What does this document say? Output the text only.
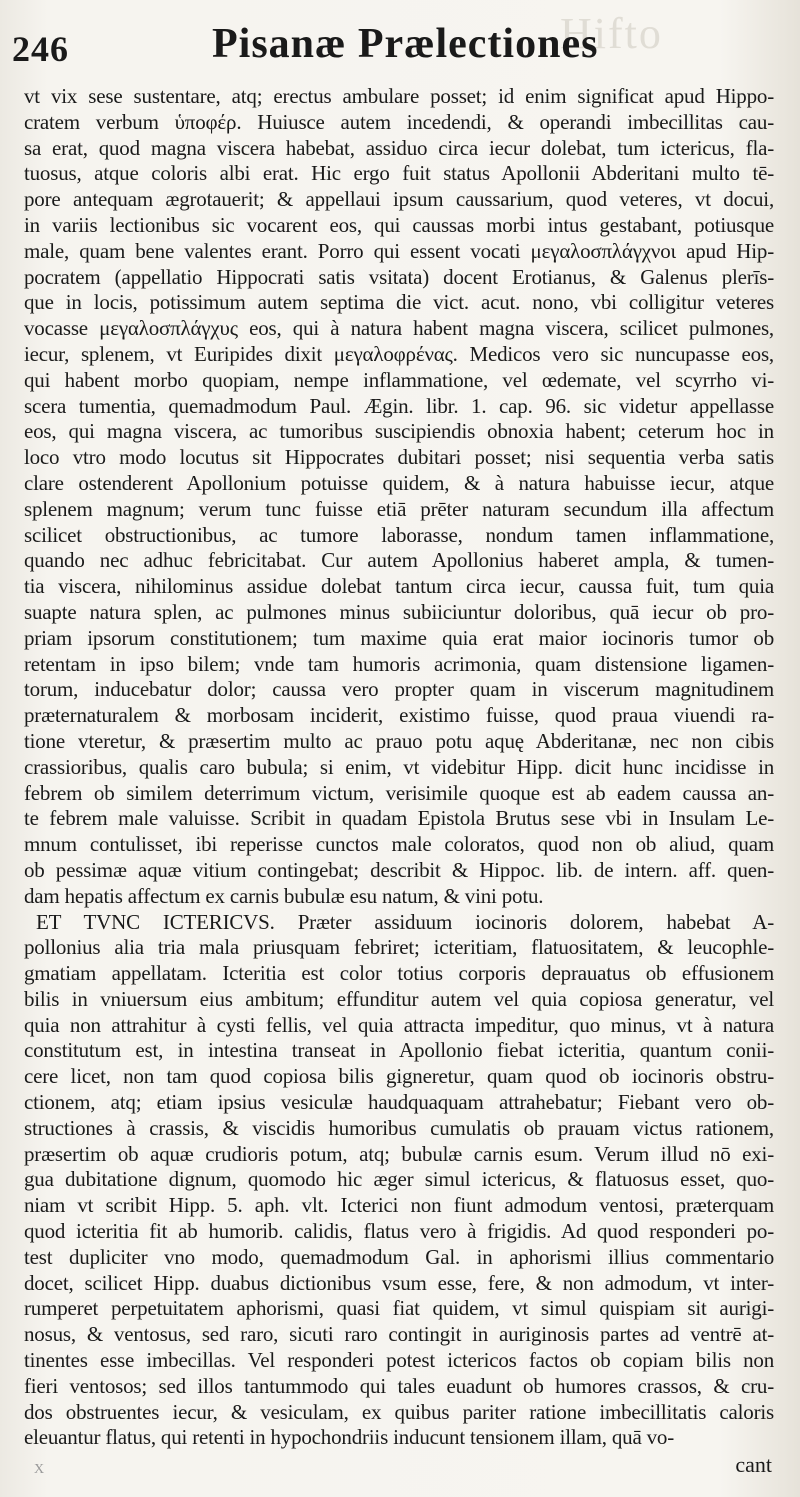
Hifto
246	Pisanæ Prælectiones
vt vix sese sustentare, atq; erectus ambulare posset; id enim significat apud Hippo-
cratem verbum ὑποφέρ. Huiusce autem incedendi, & operandi imbecillitas cau-
sa erat, quod magna viscera habebat, assiduo circa iecur dolebat, tum ictericus, fla-
tuosus, atque coloris albi erat. Hic ergo fuit status Apollonii Abderitani multo tē-
pore antequam ægrotauerit; & appellaui ipsum caussarium, quod veteres, vt docui,
in variis lectionibus sic vocarent eos, qui caussas morbi intus gestabant, potiusque
male, quam bene valentes erant. Porro qui essent vocati μεγαλοσπλάγχνοι apud Hip-
pocratem (appellatio Hippocrati satis vsitata) docent Erotianus, & Galenus plerīs-
que in locis, potissimum autem septima die vict. acut. nono, vbi colligitur veteres
vocasse μεγαλοσπλάγχυς eos, qui à natura habent magna viscera, scilicet pulmones,
iecur, splenem, vt Euripides dixit μεγαλοφρένας. Medicos vero sic nuncupasse eos,
qui habent morbo quopiam, nempe inflammatione, vel œdemate, vel scyrrho vi-
scera tumentia, quemadmodum Paul. Ægin. libr. 1. cap. 96. sic videtur appellasse
eos, qui magna viscera, ac tumoribus suscipiendis obnoxia habent; ceterum hoc in
loco vtro modo locutus sit Hippocrates dubitari posset; nisi sequentia verba satis
clare ostenderent Apollonium potuisse quidem, & à natura habuisse iecur, atque
splenem magnum; verum tunc fuisse etiā prēter naturam secundum illa affectum
scilicet obstructionibus, ac tumore laborasse, nondum tamen inflammatione,
quando nec adhuc febricitabat. Cur autem Apollonius haberet ampla, & tumen-
tia viscera, nihilominus assidue dolebat tantum circa iecur, caussa fuit, tum quia
suapte natura splen, ac pulmones minus subiiciuntur doloribus, quā iecur ob pro-
priam ipsorum constitutionem; tum maxime quia erat maior iocinoris tumor ob
retentam in ipso bilem; vnde tam humoris acrimonia, quam distensione ligamen-
torum, inducebatur dolor; caussa vero propter quam in viscerum magnitudinem
præternaturalem & morbosam inciderit, existimo fuisse, quod praua viuendi ra-
tione vteretur, & præsertim multo ac prauo potu aquę Abderitanæ, nec non cibis
crassioribus, qualis caro bubula; si enim, vt videbitur Hipp. dicit hunc incidisse in
febrem ob similem deterrimum victum, verisimile quoque est ab eadem caussa an-
te febrem male valuisse. Scribit in quadam Epistola Brutus sese vbi in Insulam Le-
mnum contulisset, ibi reperisse cunctos male coloratos, quod non ob aliud, quam
ob pessimæ aquæ vitium contingebat; describit & Hippoc. lib. de intern. aff. quen-
dam hepatis affectum ex carnis bubulæ esu natum, & vini potu.
ET TVNC ICTERICVS. Præter assiduum iocinoris dolorem, habebat A-
pollonius alia tria mala priusquam febriret; icteritiam, flatuositatem, & leucophle-
gmatiam appellatam. Icteritia est color totius corporis deprauatus ob effusionem
bilis in vniuersum eius ambitum; effunditur autem vel quia copiosa generatur, vel
quia non attrahitur à cysti fellis, vel quia attracta impeditur, quo minus, vt à natura
constitutum est, in intestina transeat in Apollonio fiebat icteritia, quantum conii-
cere licet, non tam quod copiosa bilis gigneretur, quam quod ob iocinoris obstru-
ctionem, atq; etiam ipsius vesiculæ haudquaquam attrahebatur; Fiebant vero ob-
structiones à crassis, & viscidis humoribus cumulatis ob prauam victus rationem,
præsertim ob aquæ crudioris potum, atq; bubulæ carnis esum. Verum illud nō exi-
gua dubitatione dignum, quomodo hic æger simul ictericus, & flatuosus esset, quo-
niam vt scribit Hipp. 5. aph. vlt. Icterici non fiunt admodum ventosi, præterquam
quod icteritia fit ab humorib. calidis, flatus vero à frigidis. Ad quod responderi po-
test dupliciter vno modo, quemadmodum Gal. in aphorismi illius commentario
docet, scilicet Hipp. duabus dictionibus vsum esse, fere, & non admodum, vt inter-
rumperet perpetuitatem aphorismi, quasi fiat quidem, vt simul quispiam sit aurigi-
nosus, & ventosus, sed raro, sicuti raro contingit in auriginosis partes ad ventrē at-
tinentes esse imbecillas. Vel responderi potest ictericos factos ob copiam bilis non
fieri ventosos; sed illos tantummodo qui tales euadunt ob humores crassos, & cru-
dos obstruentes iecur, & vesiculam, ex quibus pariter ratione imbecillitatis caloris
eleuantur flatus, qui retenti in hypochondriis inducunt tensionem illam, quā vo-
X	cant
